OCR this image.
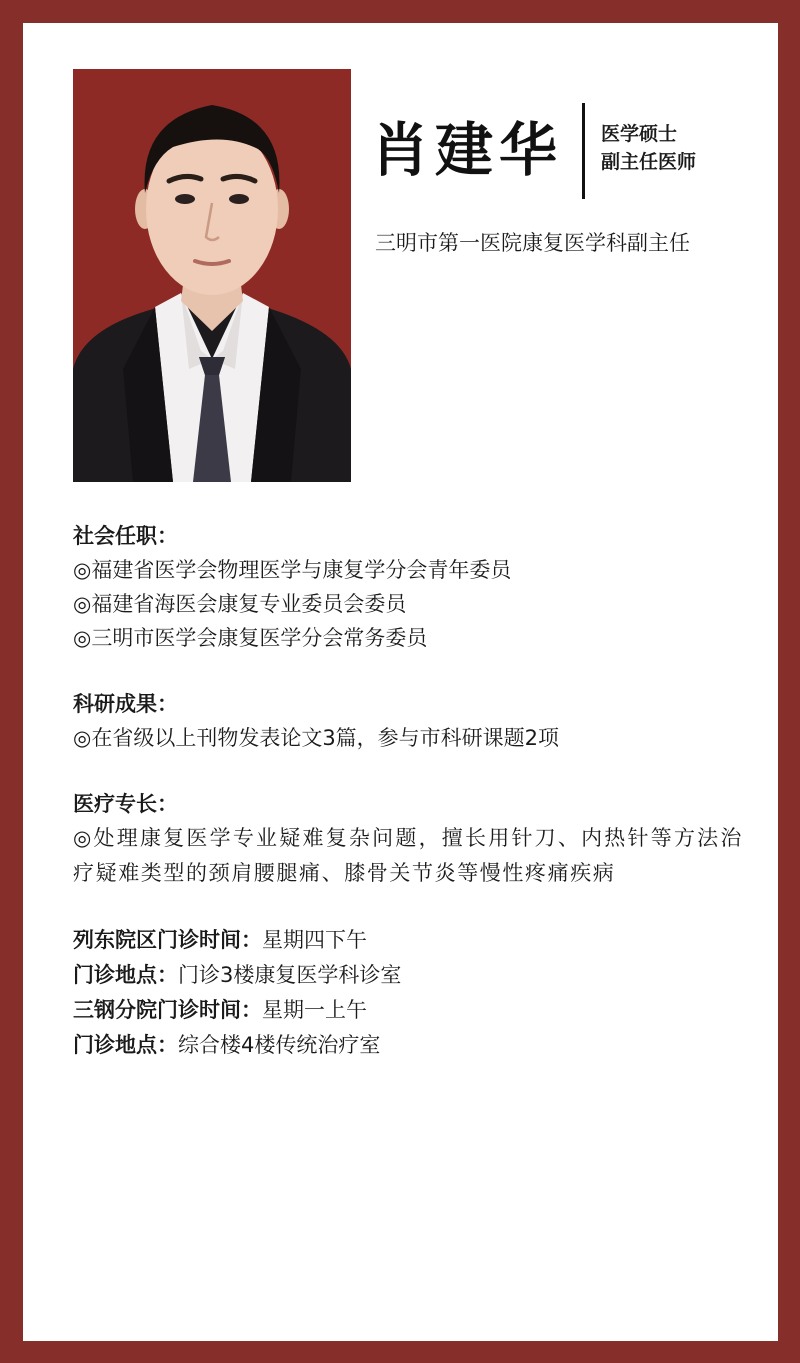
肖建华 医学硕士
副主任医师
三明市第一医院康复医学科副主任
社会任职：
◎福建省医学会物理医学与康复学分会青年委员
◎福建省海医会康复专业委员会委员
◎三明市医学会康复医学分会常务委员
科研成果：
◎在省级以上刊物发表论文3篇，参与市科研课题2项
医疗专长：
◎处理康复医学专业疑难复杂问题，擅长用针刀、内热针等方法治疗疑难类型的颈肩腰腿痛、膝骨关节炎等慢性疼痛疾病
列东院区门诊时间：星期四下午
门诊地点：门诊3楼康复医学科诊室
三钢分院门诊时间：星期一上午
门诊地点：综合楼4楼传统治疗室
